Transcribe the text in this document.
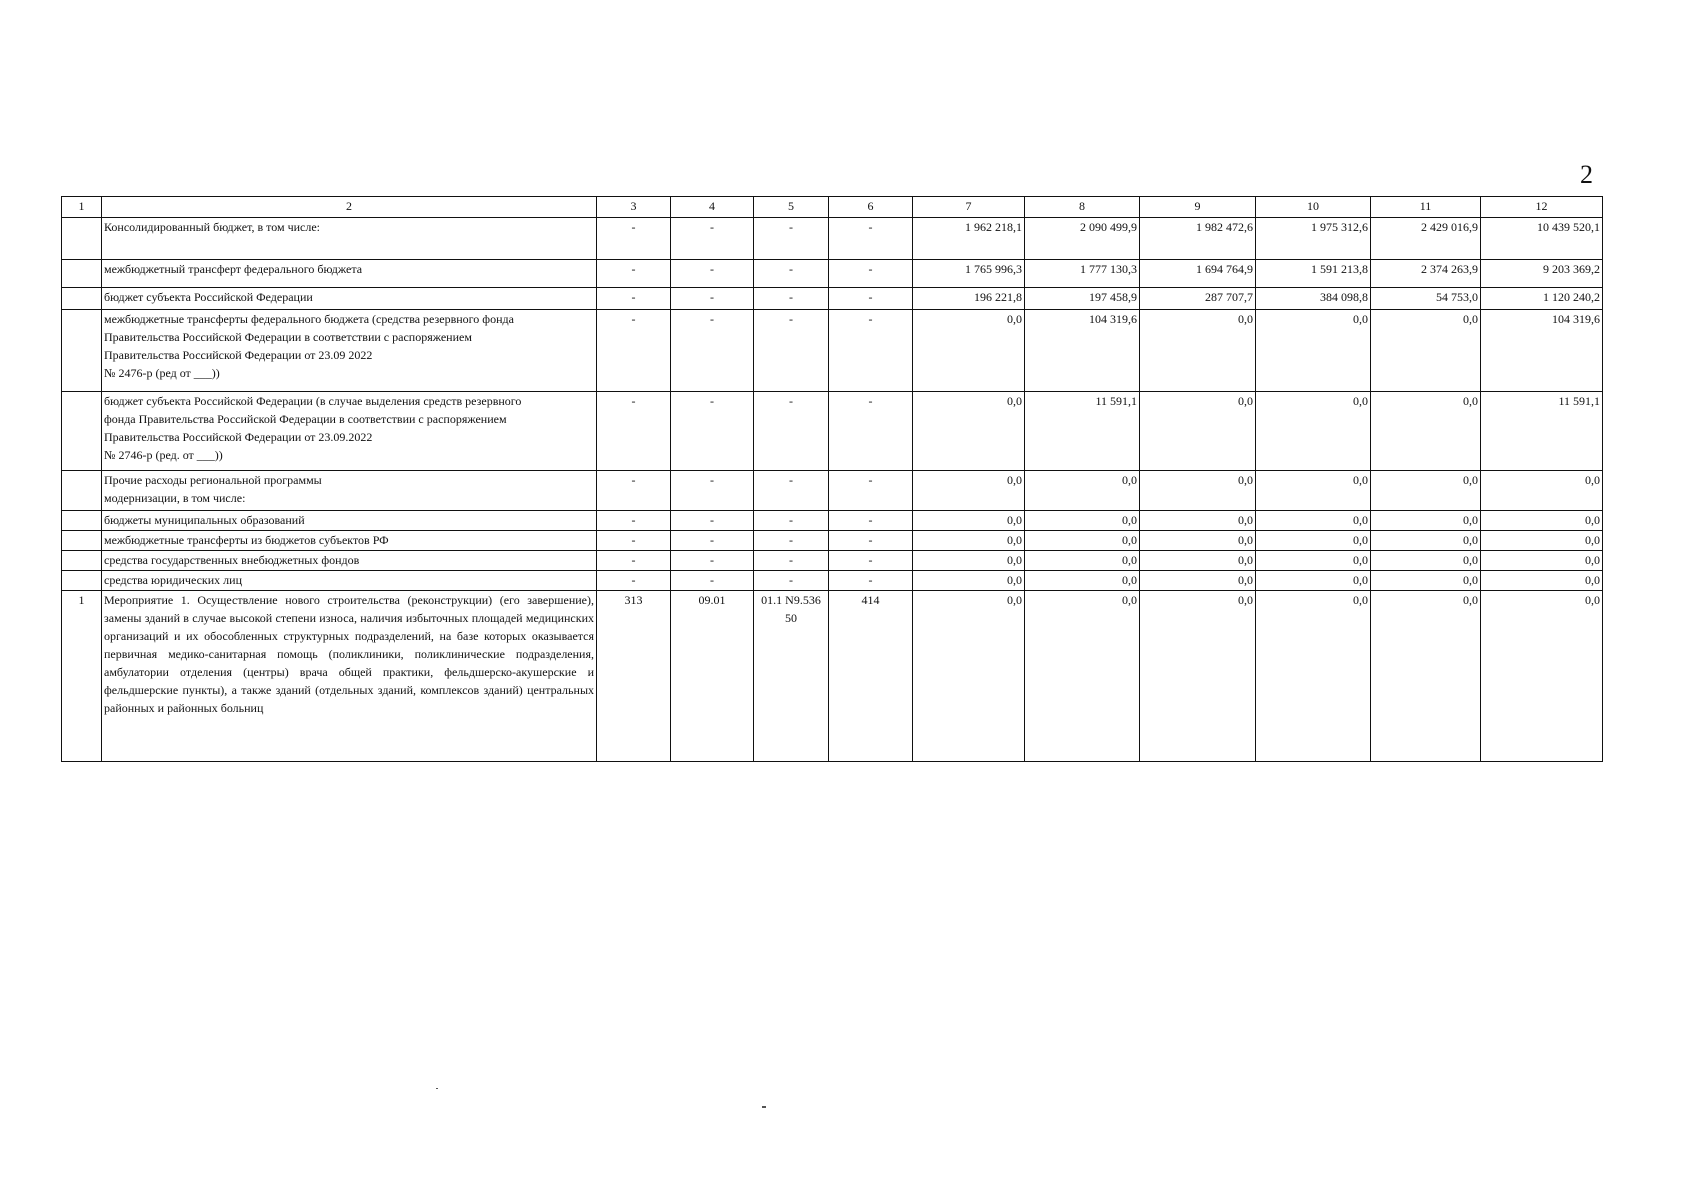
2
1	2	3	4	5	6	7	8	9	10	11	12
	Консолидированный бюджет, в том числе:	-	-	-	-	1 962 218,1	2 090 499,9	1 982 472,6	1 975 312,6	2 429 016,9	10 439 520,1
	межбюджетный трансферт федерального бюджета	-	-	-	-	1 765 996,3	1 777 130,3	1 694 764,9	1 591 213,8	2 374 263,9	9 203 369,2
	бюджет субъекта Российской Федерации	-	-	-	-	196 221,8	197 458,9	287 707,7	384 098,8	54 753,0	1 120 240,2

	межбюджетные трансферты федерального бюджета (средства резервного фонда
Правительства Российской Федерации в соответствии с распоряжением
Правительства Российской Федерации от 23.09 2022
№ 2476-р (ред от ___))	-	-	-	-	0,0	104 319,6	0,0	0,0	0,0	104 319,6

	бюджет субъекта Российской Федерации (в случае выделения средств резервного
фонда Правительства Российской Федерации в соответствии с распоряжением
Правительства Российской Федерации от 23.09.2022
№ 2746-р (ред. от ___))	-	-	-	-	0,0	11 591,1	0,0	0,0	0,0	11 591,1

	Прочие расходы региональной программы
модернизации, в том числе:	-	-	-	-	0,0	0,0	0,0	0,0	0,0	0,0
	бюджеты муниципальных образований	-	-	-	-	0,0	0,0	0,0	0,0	0,0	0,0
	межбюджетные трансферты из бюджетов субъектов РФ	-	-	-	-	0,0	0,0	0,0	0,0	0,0	0,0
	средства государственных внебюджетных фондов	-	-	-	-	0,0	0,0	0,0	0,0	0,0	0,0
	средства юридических лиц	-	-	-	-	0,0	0,0	0,0	0,0	0,0	0,0
1	Мероприятие 1. Осуществление нового строительства (реконструкции) (его завершение), замены зданий в случае высокой степени износа, наличия избыточных площадей медицинских организаций и их обособленных структурных подразделений, на базе которых оказывается первичная медико-санитарная помощь (поликлиники, поликлинические подразделения, амбулатории отделения (центры) врача общей практики, фельдшерско-акушерские и фельдшерские пункты), а также зданий (отдельных зданий, комплексов зданий) центральных районных и районных больниц	313	09.01	01.1 N9.536 50	414	0,0	0,0	0,0	0,0	0,0	0,0
